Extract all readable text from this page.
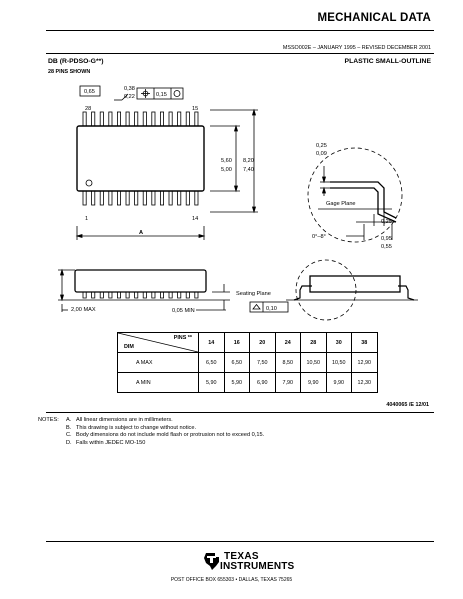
MECHANICAL DATA
MSSO002E – JANUARY 1995 – REVISED DECEMBER 2001
DB (R-PDSO-G**)	PLASTIC SMALL-OUTLINE
28 PINS SHOWN
0,65	0,38
0,22	0,15
28	15
1	14
5,60
5,00
8,20
7,40
A
0,25
0,09
Gage Plane
0,25
0°–8°	0,95
0,55
Seating Plane
0,10
2,00 MAX	0,05 MIN
PINS **
DIM	14	16	20	24	28	30	38
A MAX	6,50	6,50	7,50	8,50	10,50	10,50	12,90
A MIN	5,90	5,90	6,90	7,90	9,90	9,90	12,30
4040065 /E 12/01
NOTES:	A. All linear dimensions are in millimeters.
B. This drawing is subject to change without notice.
C. Body dimensions do not include mold flash or protrusion not to exceed 0,15.
D. Falls within JEDEC MO-150
TEXAS
INSTRUMENTS
POST OFFICE BOX 655303 • DALLAS, TEXAS 75265
